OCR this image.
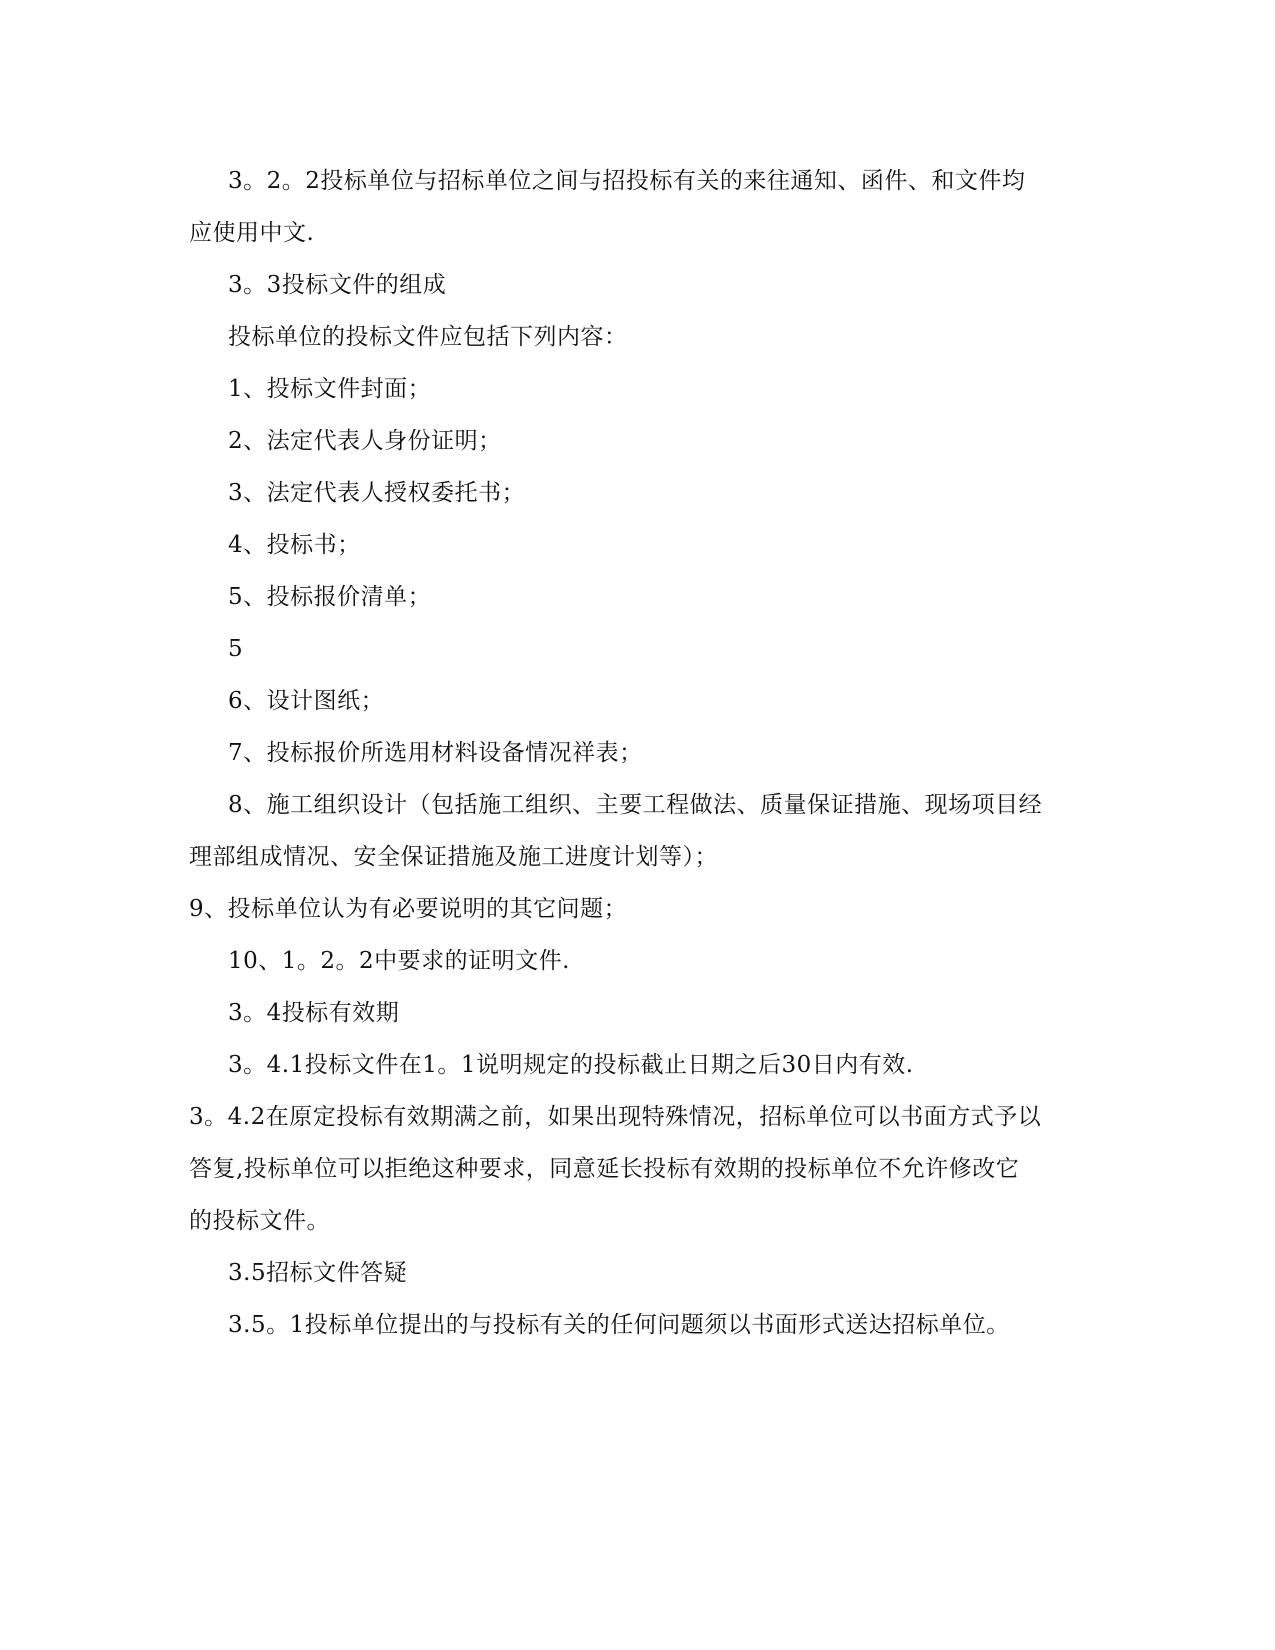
3。2。2投标单位与招标单位之间与招投标有关的来往通知、函件、和文件均
应使用中文.
3。3投标文件的组成
投标单位的投标文件应包括下列内容：
1、投标文件封面；
2、法定代表人身份证明；
3、法定代表人授权委托书；
4、投标书；
5、投标报价清单；
5
6、设计图纸；
7、投标报价所选用材料设备情况祥表；
8、施工组织设计（包括施工组织、主要工程做法、质量保证措施、现场项目经
理部组成情况、安全保证措施及施工进度计划等）；
9、投标单位认为有必要说明的其它问题；
10、1。2。2中要求的证明文件.
3。4投标有效期
3。4.1投标文件在1。1说明规定的投标截止日期之后30日内有效.
3。4.2在原定投标有效期满之前，如果出现特殊情况，招标单位可以书面方式予以
答复,投标单位可以拒绝这种要求，同意延长投标有效期的投标单位不允许修改它
的投标文件。
3.5招标文件答疑
3.5。1投标单位提出的与投标有关的任何问题须以书面形式送达招标单位。
